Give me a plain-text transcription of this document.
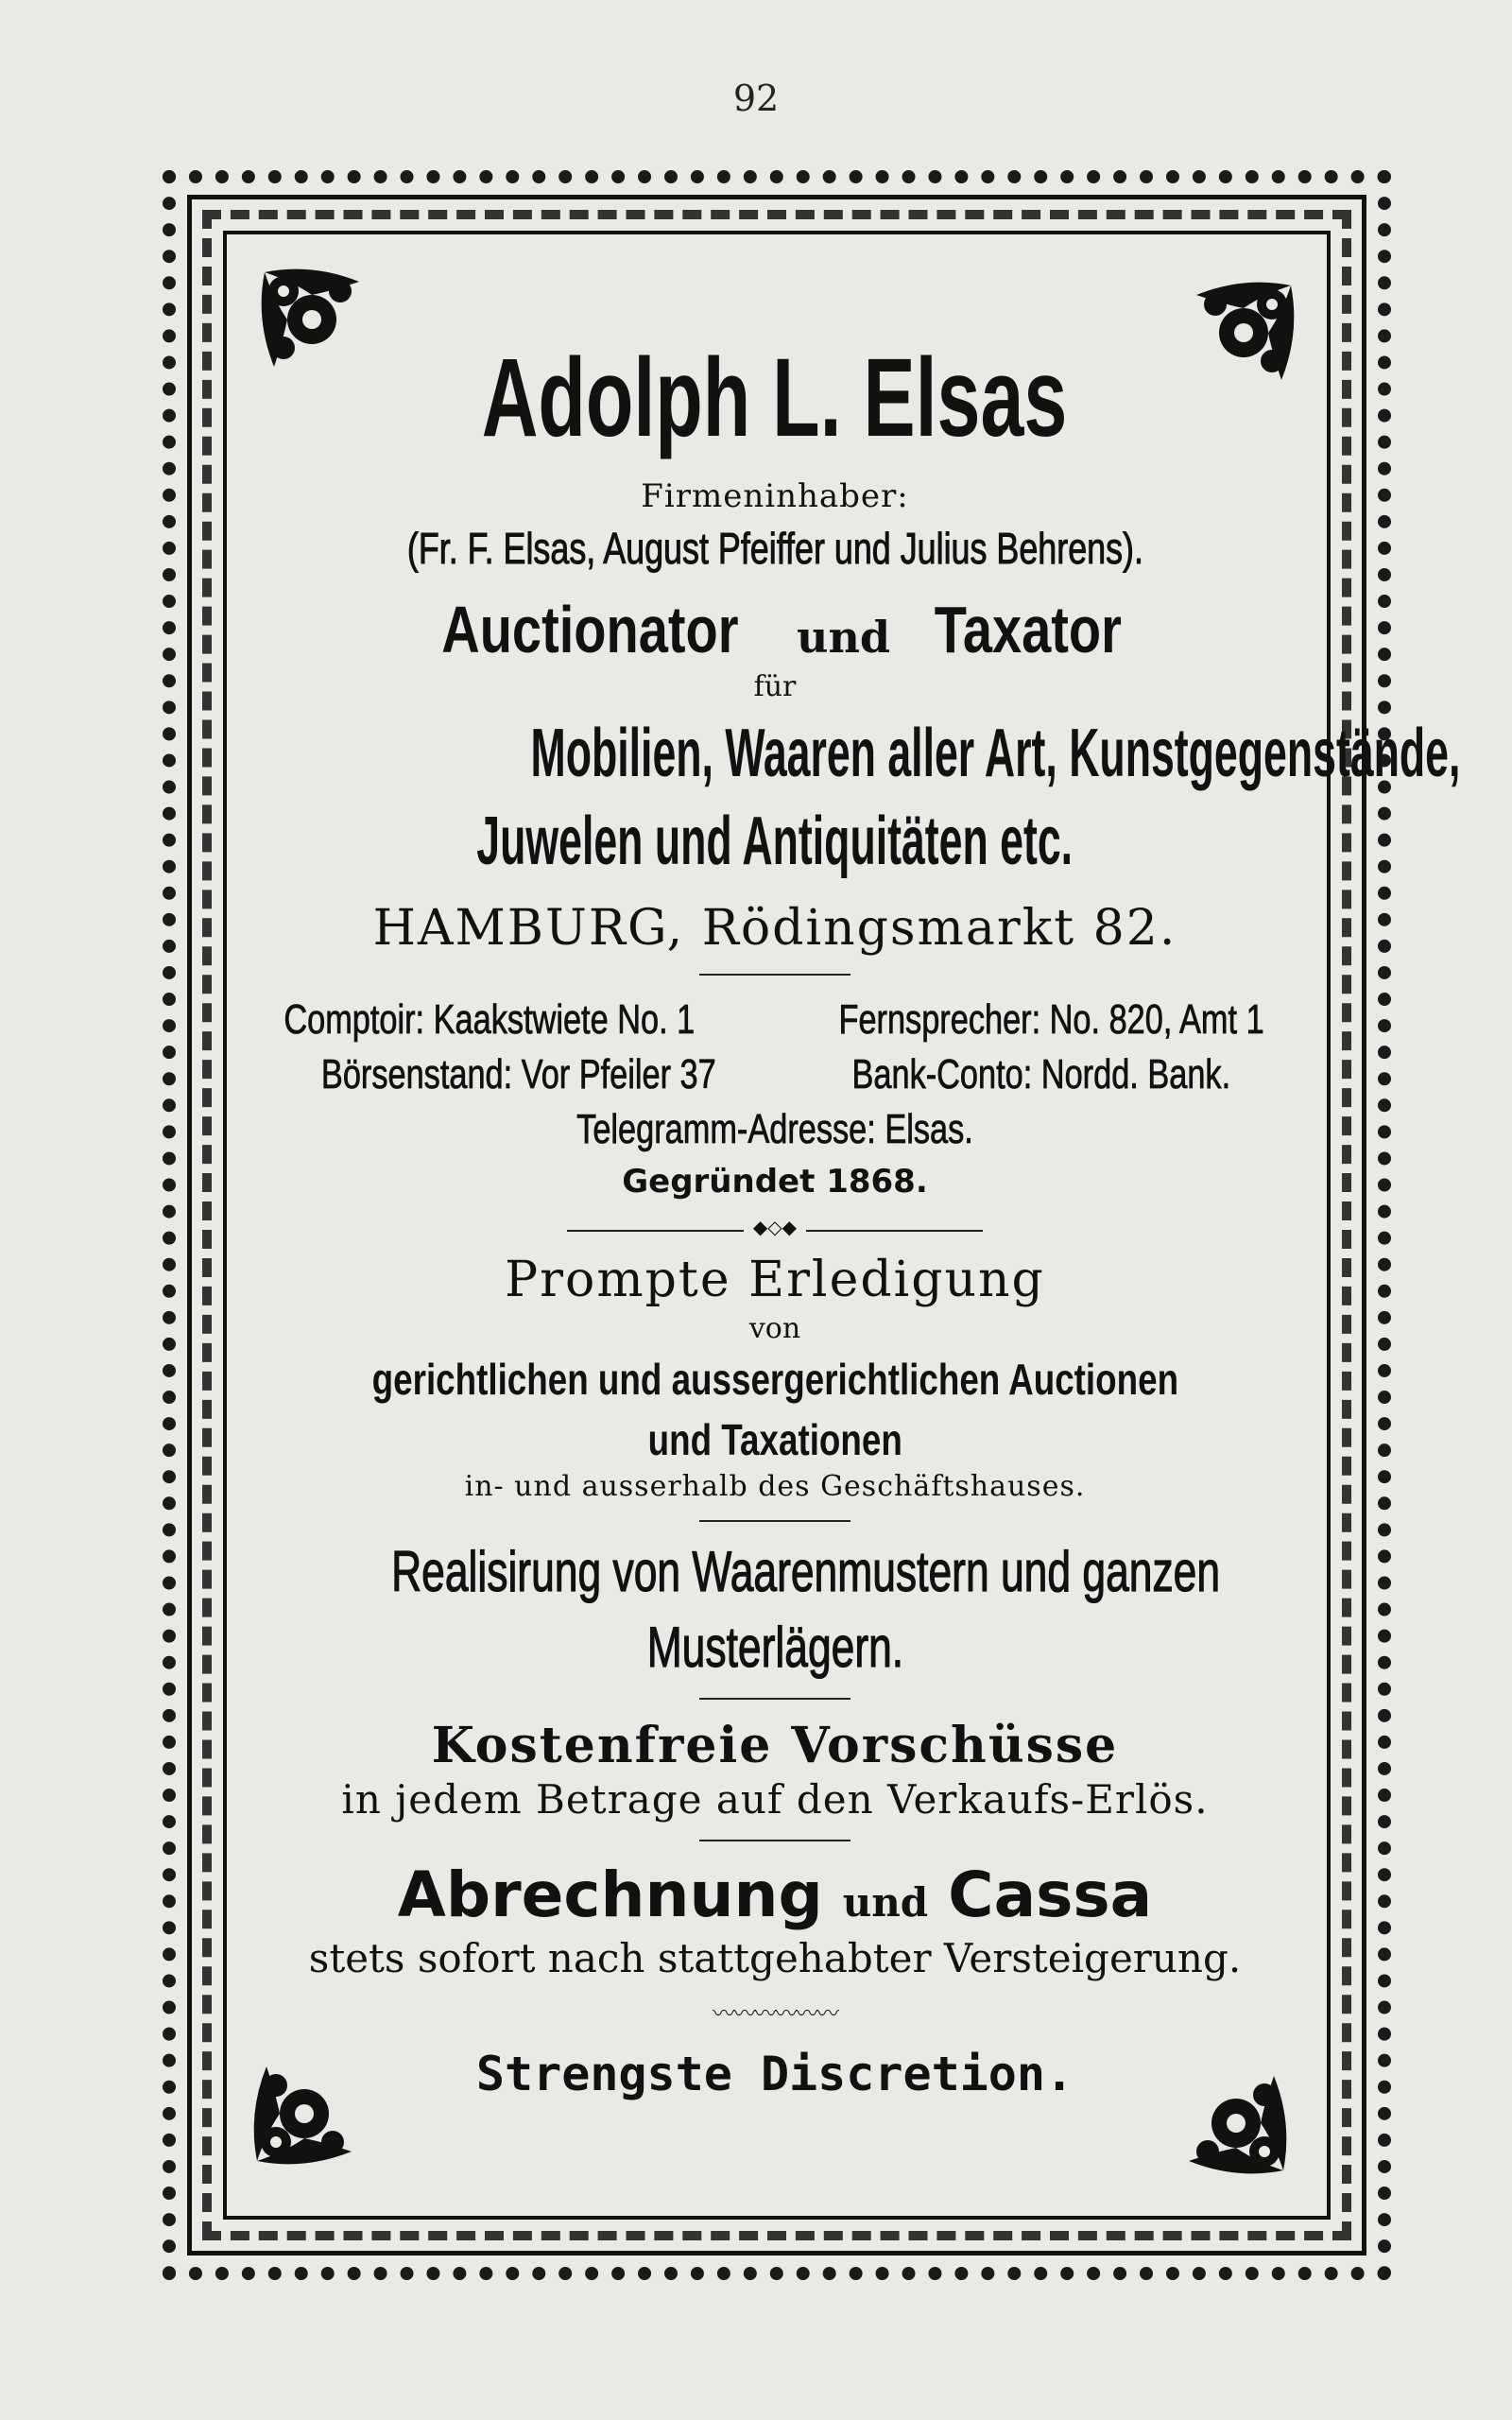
92
Adolph L. Elsas
Firmeninhaber:
(Fr. F. Elsas, August Pfeiffer und Julius Behrens).
Auctionator und Taxator
für
Mobilien, Waaren aller Art, Kunstgegenstände,
Juwelen und Antiquitäten etc.
HAMBURG, Rödingsmarkt 82.
Comptoir: Kaakstwiete No. 1	Fernsprecher: No. 820, Amt 1
Börsenstand: Vor Pfeiler 37	Bank-Conto: Nordd. Bank.
Telegramm-Adresse: Elsas.
Gegründet 1868.
◆◇◆
Prompte Erledigung
von
gerichtlichen und aussergerichtlichen Auctionen
und Taxationen
in- und ausserhalb des Geschäftshauses.
Realisirung von Waarenmustern und ganzen
Musterlägern.
Kostenfreie Vorschüsse
in jedem Betrage auf den Verkaufs-Erlös.
Abrechnung und Cassa
stets sofort nach stattgehabter Versteigerung.
〰〰〰〰〰〰
Strengste Discretion.
